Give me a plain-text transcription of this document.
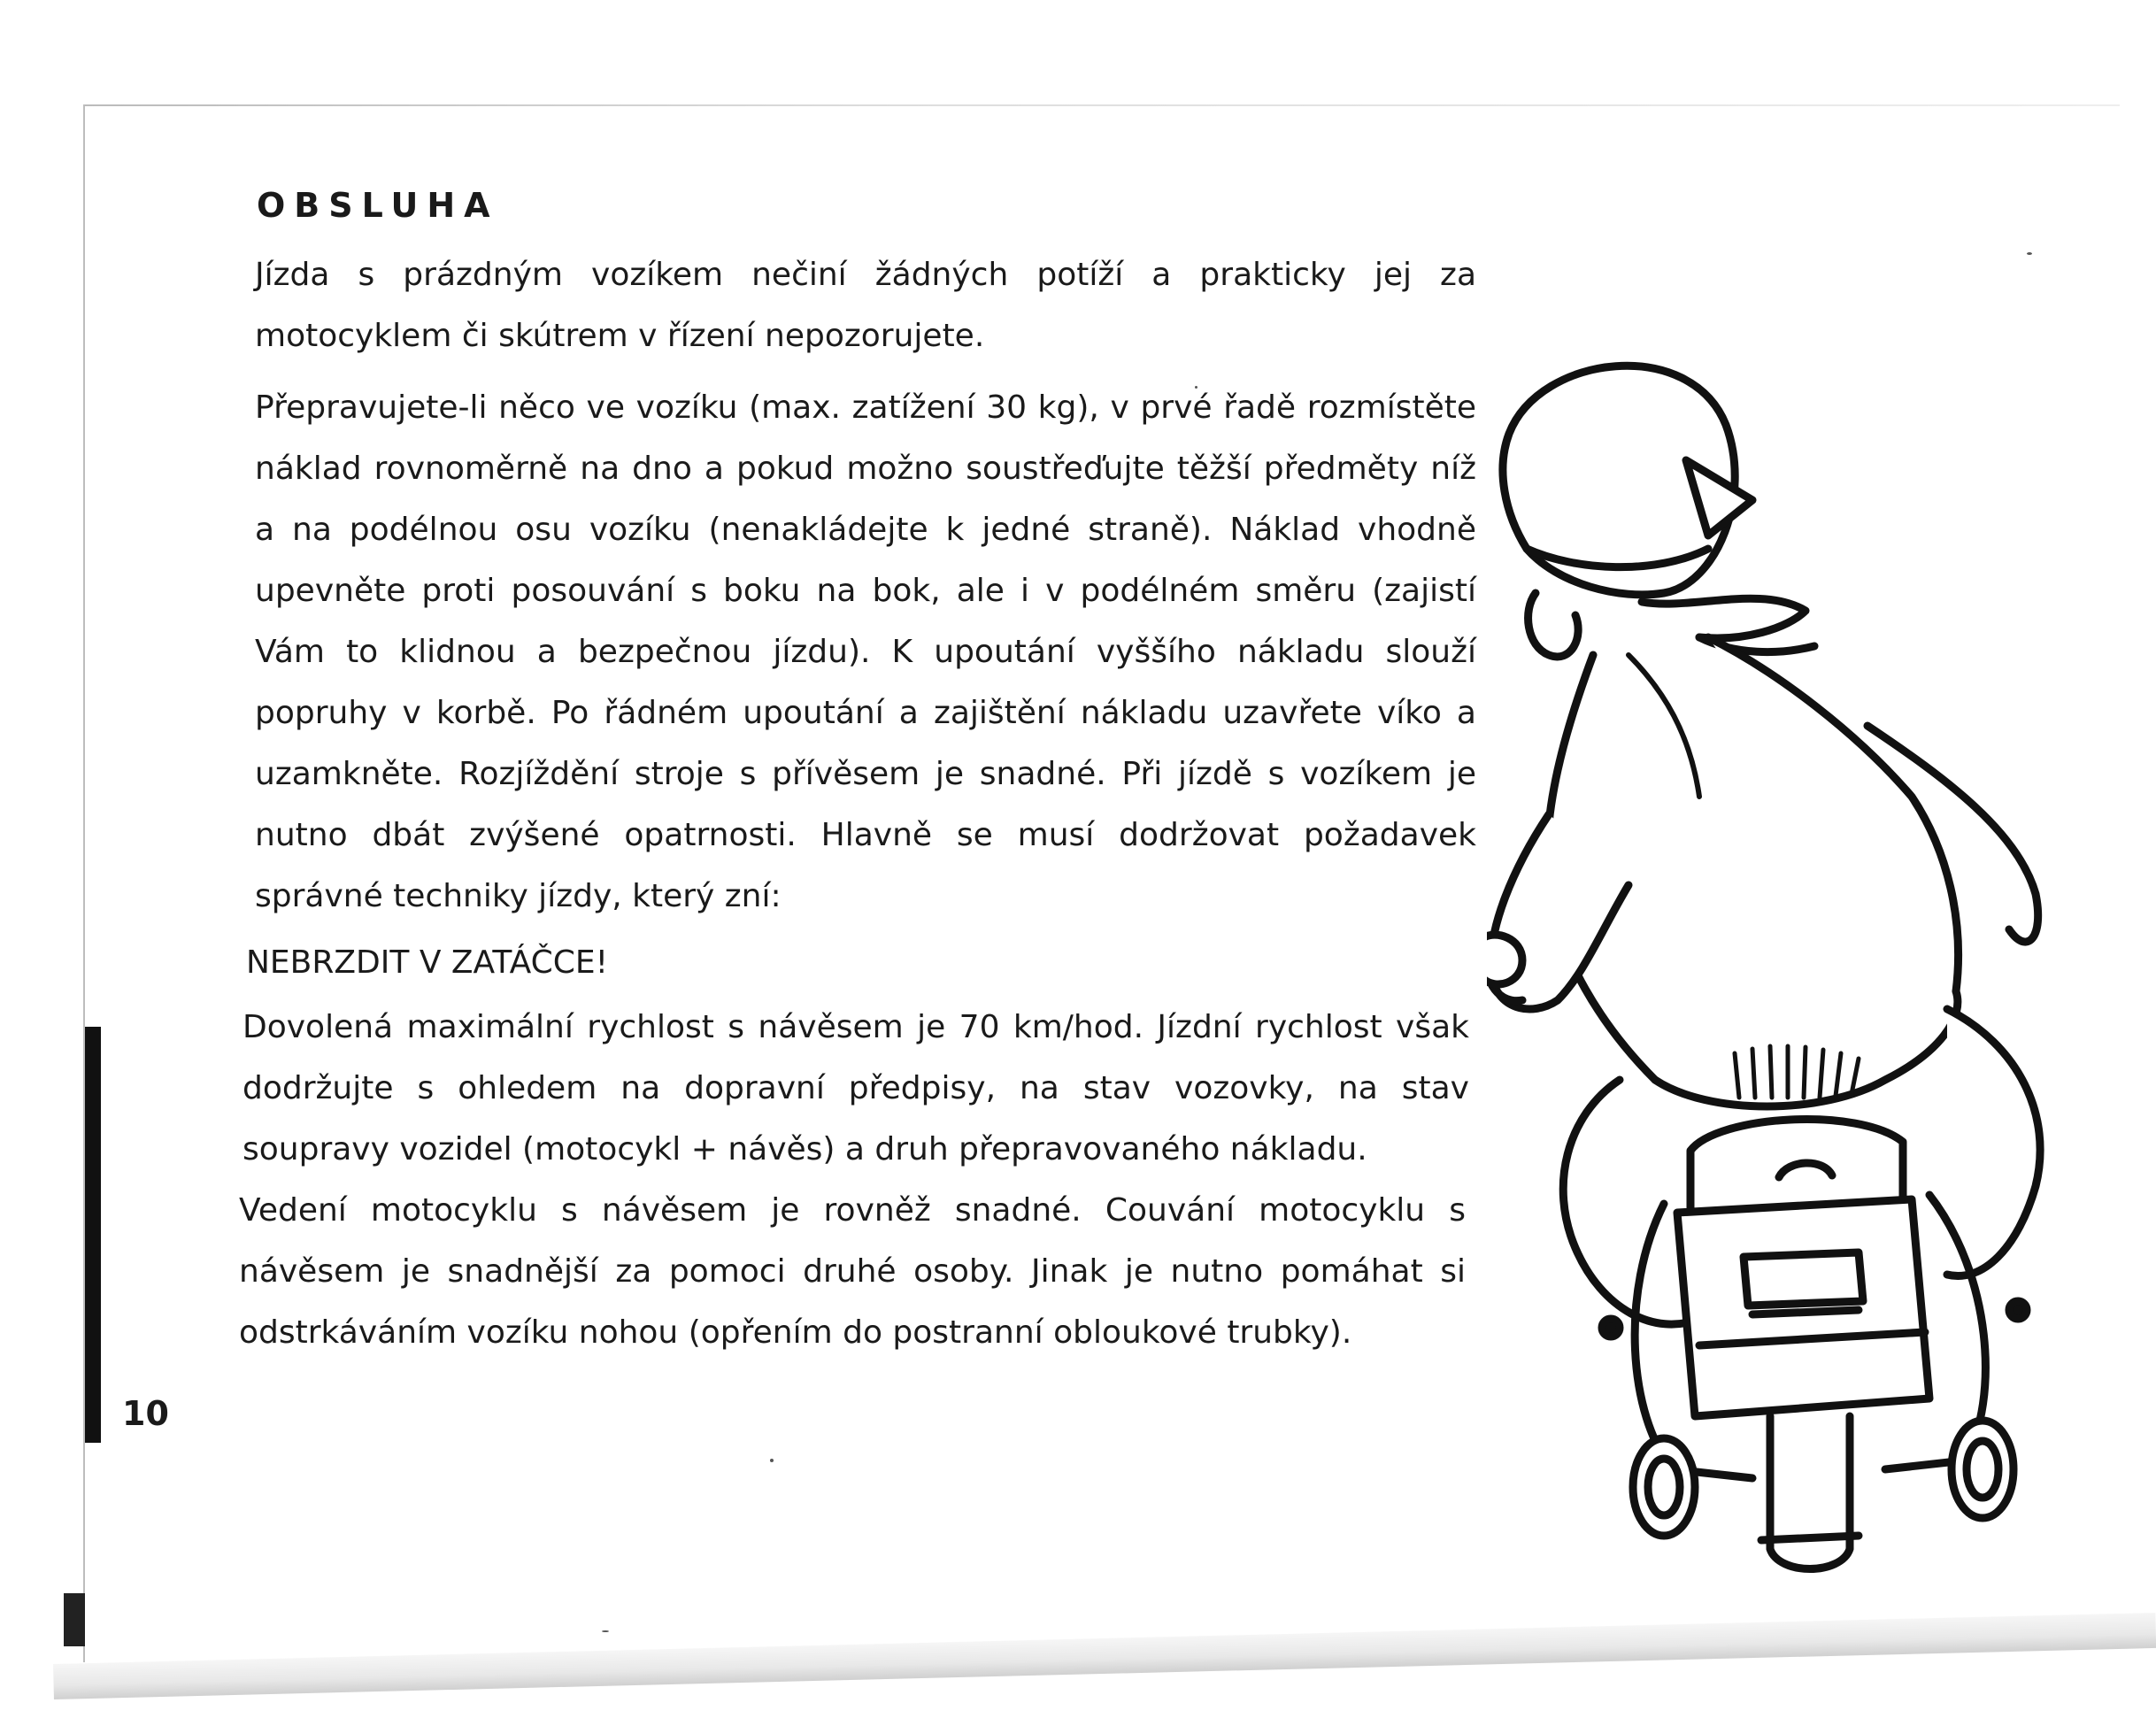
OBSLUHA

Jízda s prázdným vozíkem nečiní žádných potíží a prakticky jej za motocyklem či skútrem v řízení nepozorujete.

Přepravujete-li něco ve vozíku (max. zatížení 30 kg), v prvé řadě rozmístěte náklad rovnoměrně na dno a pokud možno soustřeďujte těžší předměty níž a na podélnou osu vozíku (nenakládejte k jedné straně). Náklad vhodně upevněte proti posouvání s boku na bok, ale i v podélném směru (zajistí Vám to klidnou a bezpečnou jízdu). K upoutání vyššího nákladu slouží popruhy v korbě. Po řádném upoutání a zajištění nákladu uzavřete víko a uzamkněte. Rozjíždění stroje s přívěsem je snadné. Při jízdě s vozíkem je nutno dbát zvýšené opatrnosti. Hlavně se musí dodržovat požadavek správné techniky jízdy, který zní:

NEBRZDIT V ZATÁČCE!

Dovolená maximální rychlost s návěsem je 70 km/hod. Jízdní rychlost však dodržujte s ohledem na dopravní předpisy, na stav vozovky, na stav soupravy vozidel (motocykl + návěs) a druh přepravovaného nákladu.

Vedení motocyklu s návěsem je rovněž snadné. Couvání motocyklu s návěsem je snadnější za pomoci druhé osoby. Jinak je nutno pomáhat si odstrkáváním vozíku nohou (opřením do postranní obloukové trubky).

10
